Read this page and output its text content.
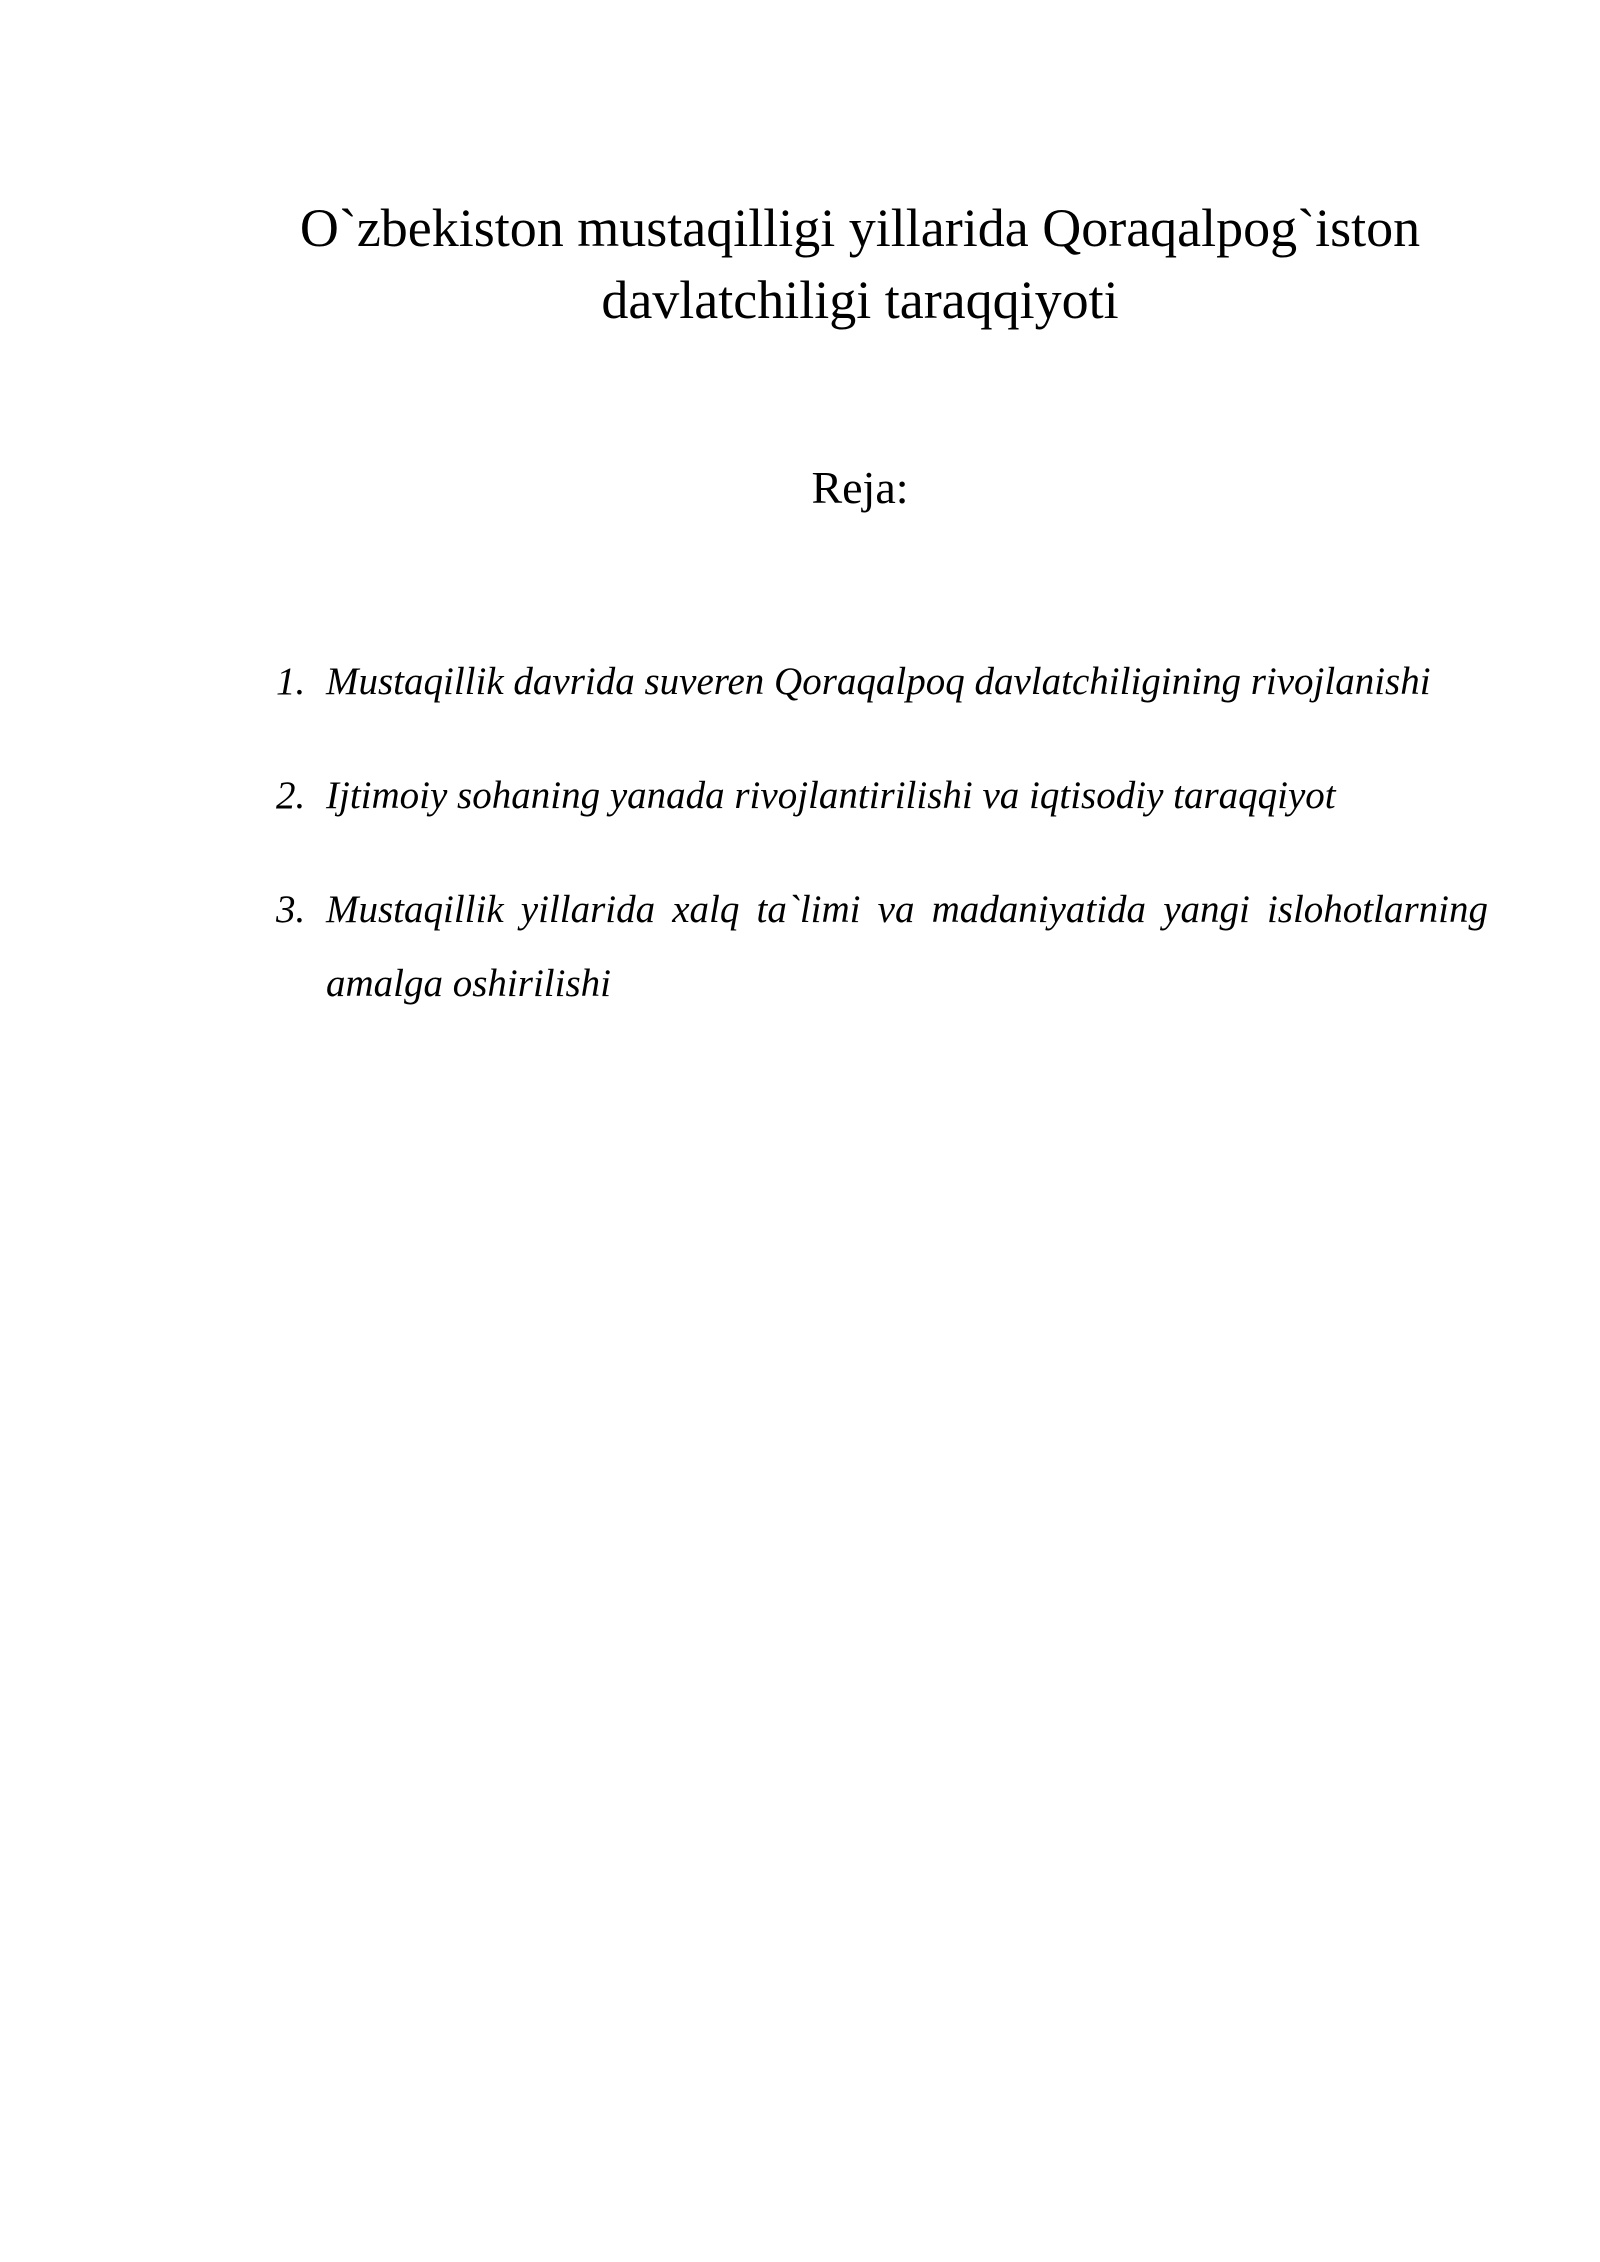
O`zbekiston mustaqilligi yillarida Qoraqalpog`iston
davlatchiligi taraqqiyoti

Reja:

1. Mustaqillik davrida suveren Qoraqalpoq davlatchiligining rivojlanishi
2. Ijtimoiy sohaning yanada rivojlantirilishi va iqtisodiy taraqqiyot
3. Mustaqillik yillarida xalq ta`limi va madaniyatida yangi islohotlarning amalga oshirilishi
